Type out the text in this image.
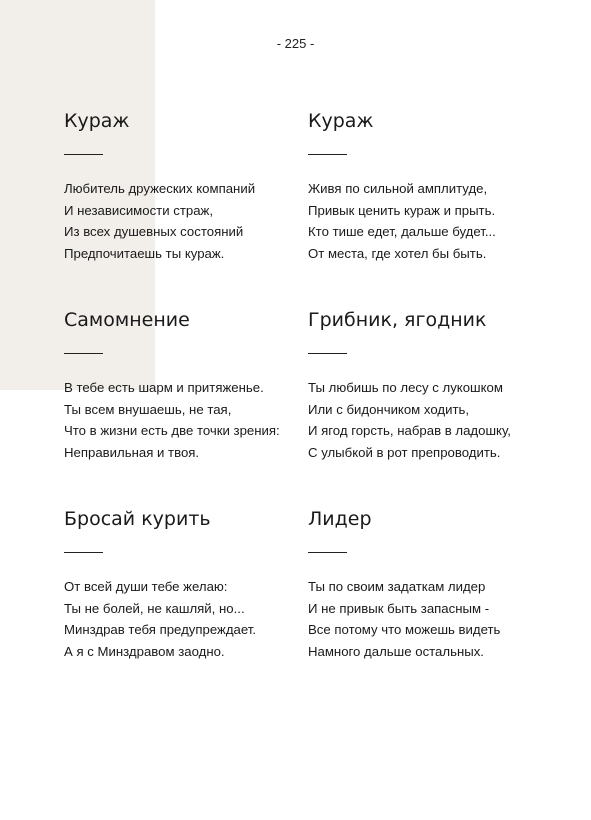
- 225 -
Кураж
Любитель дружеских компаний
И независимости страж,
Из всех душевных состояний
Предпочитаешь ты кураж.
Кураж
Живя по сильной амплитуде,
Привык ценить кураж и прыть.
Кто тише едет, дальше будет...
От места, где хотел бы быть.
Самомнение
В тебе есть шарм и притяженье.
Ты всем внушаешь, не тая,
Что в жизни есть две точки зрения:
Неправильная и твоя.
Грибник, ягодник
Ты любишь по лесу с лукошком
Или с бидончиком ходить,
И ягод горсть, набрав в ладошку,
С улыбкой в рот препроводить.
Бросай курить
От всей души тебе желаю:
Ты не болей, не кашляй, но...
Минздрав тебя предупреждает.
А я с Минздравом заодно.
Лидер
Ты по своим задаткам лидер
И не привык быть запасным -
Все потому что можешь видеть
Намного дальше остальных.
